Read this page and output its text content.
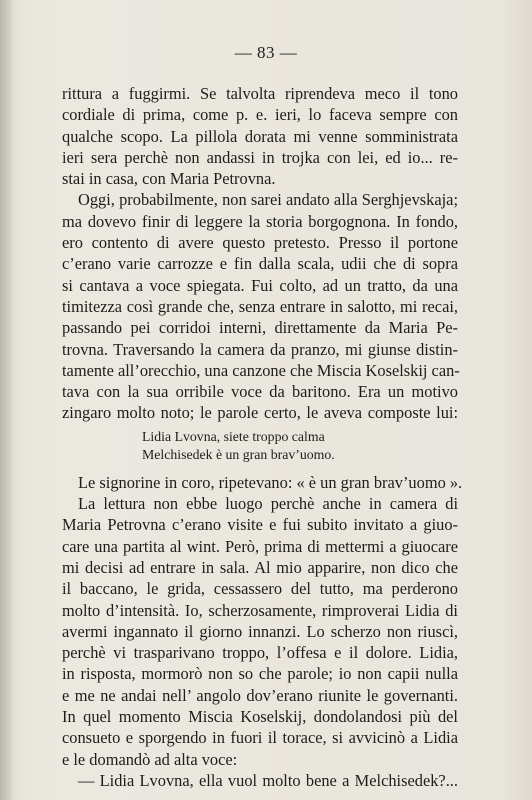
— 83 —
rittura a fuggirmi. Se talvolta riprendeva meco il tono
cordiale di prima, come p. e. ieri, lo faceva sempre con
qualche scopo. La pillola dorata mi venne somministrata
ieri sera perchè non andassi in trojka con lei, ed io... re-
stai in casa, con Maria Petrovna.
Oggi, probabilmente, non sarei andato alla Serghjevskaja;
ma dovevo finir di leggere la storia borgognona. In fondo,
ero contento di avere questo pretesto. Presso il portone
c’erano varie carrozze e fin dalla scala, udii che di sopra
si cantava a voce spiegata. Fui colto, ad un tratto, da una
timitezza così grande che, senza entrare in salotto, mi recai,
passando pei corridoi interni, direttamente da Maria Pe-
trovna. Traversando la camera da pranzo, mi giunse distin-
tamente all’orecchio, una canzone che Miscia Koselskij can-
tava con la sua orribile voce da baritono. Era un motivo
zingaro molto noto; le parole certo, le aveva composte lui:
Lidia Lvovna, siete troppo calma
Melchisedek è un gran brav’uomo.
Le signorine in coro, ripetevano: « è un gran brav’uomo ».
La lettura non ebbe luogo perchè anche in camera di
Maria Petrovna c’erano visite e fui subito invitato a giuo-
care una partita al wint. Però, prima di mettermi a giuocare
mi decisi ad entrare in sala. Al mio apparire, non dico che
il baccano, le grida, cessassero del tutto, ma perderono
molto d’intensità. Io, scherzosamente, rimproverai Lidia di
avermi ingannato il giorno innanzi. Lo scherzo non riuscì,
perchè vi trasparivano troppo, l’offesa e il dolore. Lidia,
in risposta, mormorò non so che parole; io non capii nulla
e me ne andai nell’ angolo dov’erano riunite le governanti.
In quel momento Miscia Koselskij, dondolandosi più del
consueto e sporgendo in fuori il torace, si avvicinò a Lidia
e le domandò ad alta voce:
— Lidia Lvovna, ella vuol molto bene a Melchisedek?...
